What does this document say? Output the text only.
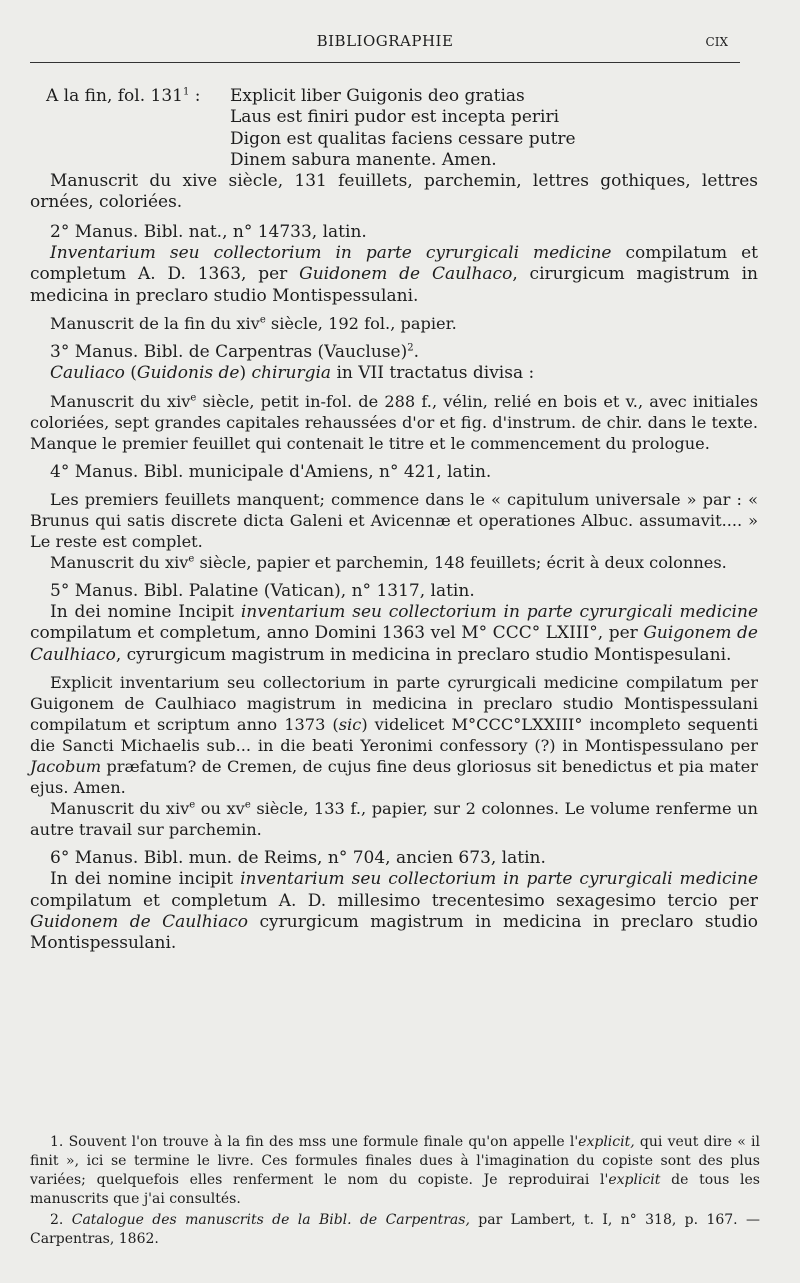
BIBLIOGRAPHIE	CIX
A la fin, fol. $131^1$ :	Explicit liber Guigonis deo gratias
Laus est finiri pudor est incepta periri
Digon est qualitas faciens cessare putre
Dinem sabura manente. Amen.

Manuscrit du xive siècle, 131 feuillets, parchemin, lettres gothiques, lettres ornées, coloriées.

2° Manus. Bibl. nat., n° 14733, latin.

Inventarium seu collectorium in parte cyrurgicali medicine compilatum et completum A. D. 1363, per Guidonem de Caulhaco, cirurgicum magistrum in medicina in preclaro studio Montispessulani.

Manuscrit de la fin du xiv$^e$ siècle, 192 fol., papier.

3° Manus. Bibl. de Carpentras (Vaucluse)$^2$.

Cauliaco (Guidonis de) chirurgia in VII tractatus divisa :

Manuscrit du xiv$^e$ siècle, petit in-fol. de 288 f., vélin, relié en bois et v., avec initiales coloriées, sept grandes capitales rehaussées d'or et fig. d'instrum. de chir. dans le texte. Manque le premier feuillet qui contenait le titre et le commencement du prologue.

4° Manus. Bibl. municipale d'Amiens, n° 421, latin.

Les premiers feuillets manquent; commence dans le « capitulum universale » par : « Brunus qui satis discrete dicta Galeni et Avicennæ et operationes Albuc. assumavit.... » Le reste est complet.

Manuscrit du xiv$^e$ siècle, papier et parchemin, 148 feuillets; écrit à deux colonnes.

5° Manus. Bibl. Palatine (Vatican), n° 1317, latin.

In dei nomine Incipit inventarium seu collectorium in parte cyrurgicali medicine compilatum et completum, anno Domini 1363 vel M° CCC° LXIII°, per Guigonem de Caulhiaco, cyrurgicum magistrum in medicina in preclaro studio Montispesulani.

Explicit inventarium seu collectorium in parte cyrurgicali medicine compilatum per Guigonem de Caulhiaco magistrum in medicina in preclaro studio Montispessulani compilatum et scriptum anno 1373 (sic) videlicet M°CCC°LXXIII° incompleto sequenti die Sancti Michaelis sub... in die beati Yeronimi confessory (?) in Montispessulano per Jacobum præfatum? de Cremen, de cujus fine deus gloriosus sit benedictus et pia mater ejus. Amen.

Manuscrit du xiv$^e$ ou $xv^e$ siècle, 133 f., papier, sur 2 colonnes. Le volume renferme un autre travail sur parchemin.

6° Manus. Bibl. mun. de Reims, n° 704, ancien 673, latin.

In dei nomine incipit inventarium seu collectorium in parte cyrurgicali medicine compilatum et completum A. D. millesimo trecentesimo sexagesimo tercio per Guidonem de Caulhiaco cyrurgicum magistrum in medicina in preclaro studio Montispessulani.

1. Souvent l'on trouve à la fin des mss une formule finale qu'on appelle l'explicit, qui veut dire « il finit », ici se termine le livre. Ces formules finales dues à l'imagination du copiste sont des plus variées; quelquefois elles renferment le nom du copiste. Je reproduirai l'explicit de tous les manuscrits que j'ai consultés.

2. Catalogue des manuscrits de la Bibl. de Carpentras, par Lambert, t. I, n° 318, p. 167. — Carpentras, 1862.
